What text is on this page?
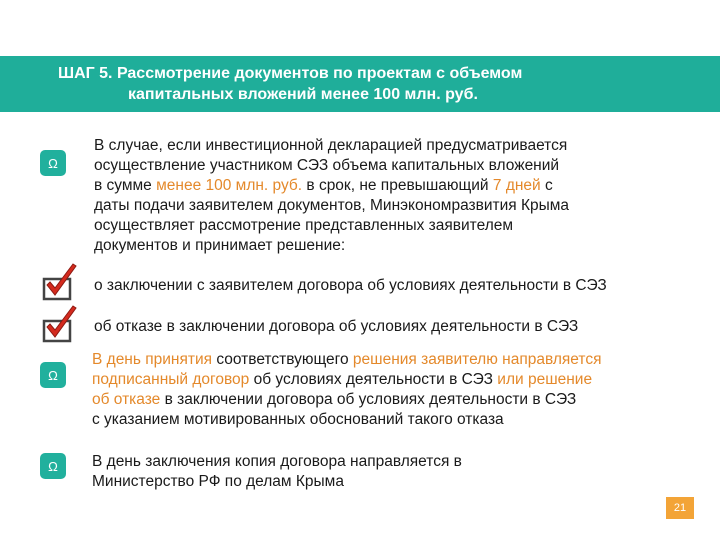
ШАГ 5. Рассмотрение документов по проектам с объемом
капитальных вложений менее 100 млн. руб.
Ω
В случае, если инвестиционной декларацией предусматривается
осуществление участником СЭЗ объема капитальных вложений
в сумме менее 100 млн. руб. в срок, не превышающий 7 дней с
даты подачи заявителем документов, Минэкономразвития Крыма
осуществляет рассмотрение представленных заявителем
документов и принимает решение:
о заключении с заявителем договора об условиях деятельности в СЭЗ
об отказе в заключении договора об условиях деятельности в СЭЗ
Ω
В день принятия соответствующего решения заявителю направляется
подписанный договор об условиях деятельности в СЭЗ или решение
об отказе в заключении договора об условиях деятельности в СЭЗ
с указанием мотивированных обоснований такого отказа
Ω	В день заключения копия договора направляется в
Министерство РФ по делам Крыма
21
